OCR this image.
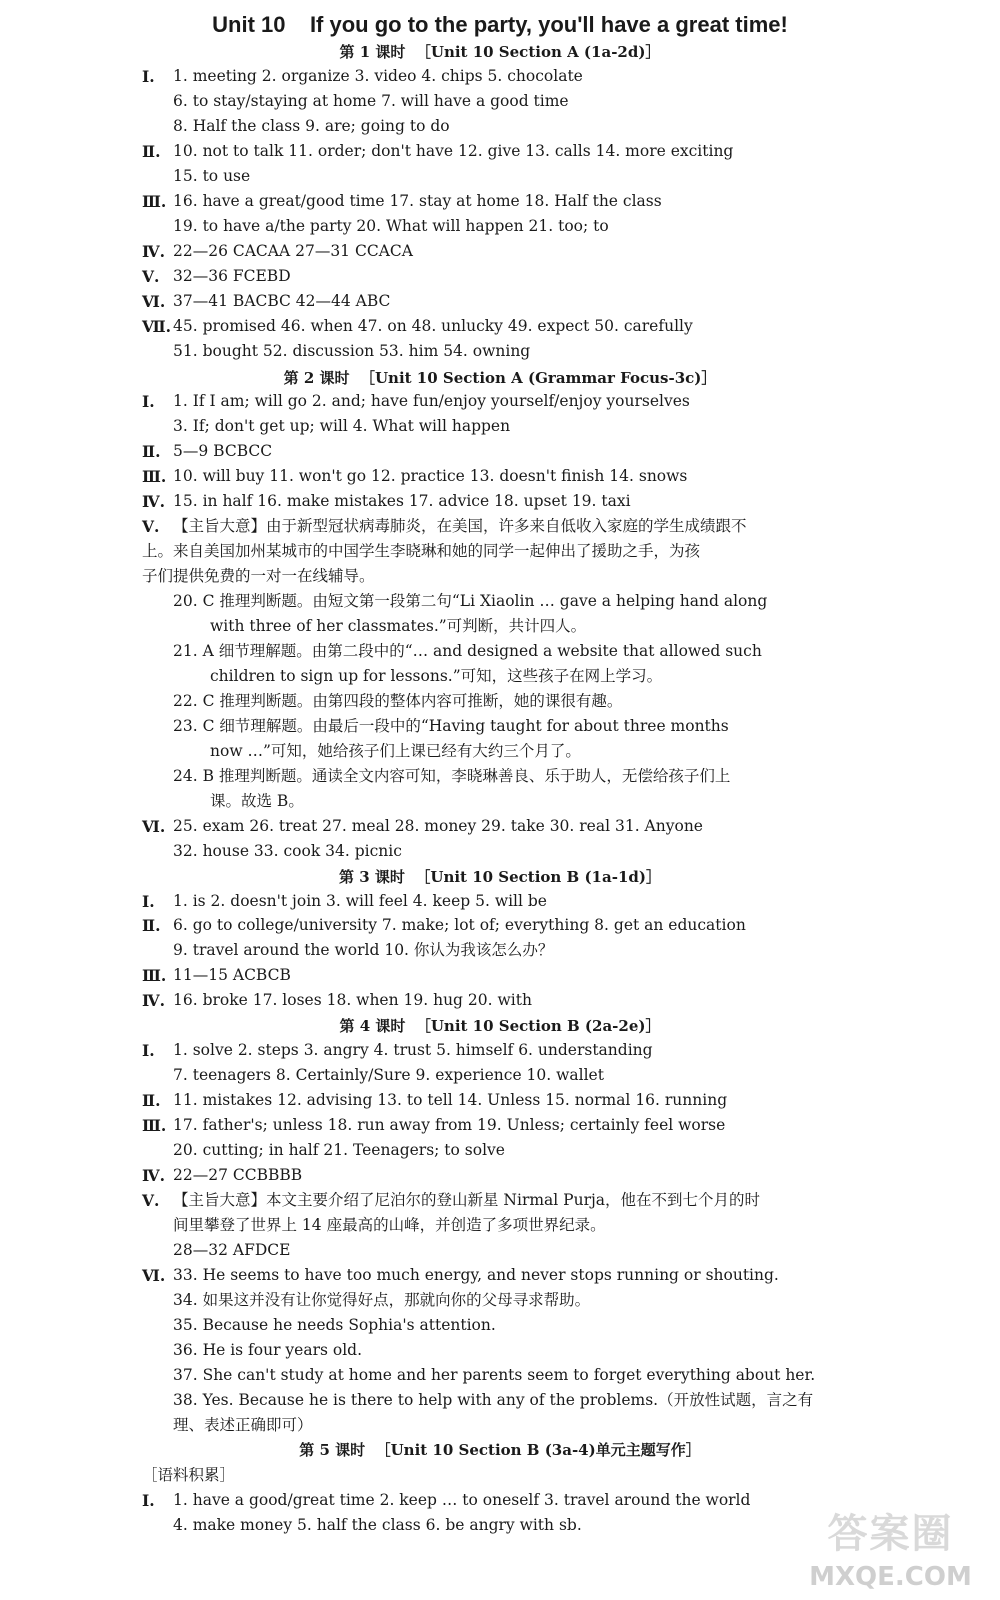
Unit 10    If you go to the party, you'll have a great time!
第 1 课时  ［Unit 10 Section A (1a-2d)］
第 2 课时  ［Unit 10 Section A (Grammar Focus-3c)］
第 3 课时  ［Unit 10 Section B (1a-1d)］
第 4 课时  ［Unit 10 Section B (2a-2e)］
第 5 课时  ［Unit 10 Section B (3a-4)单元主题写作］
Ⅰ. 1. meeting 2. organize 3. video 4. chips 5. chocolate
6. to stay/staying at home 7. will have a good time
8. Half the class 9. are; going to do
Ⅱ. 10. not to talk 11. order; don't have 12. give 13. calls 14. more exciting
15. to use
Ⅲ. 16. have a great/good time 17. stay at home 18. Half the class
19. to have a/the party 20. What will happen 21. too; to
Ⅳ. 22—26 CACAA 27—31 CCACA
Ⅴ. 32—36 FCEBD
Ⅵ. 37—41 BACBC 42—44 ABC
Ⅶ. 45. promised 46. when 47. on 48. unlucky 49. expect 50. carefully
51. bought 52. discussion 53. him 54. owning
Ⅰ. 1. If I am; will go 2. and; have fun/enjoy yourself/enjoy yourselves
3. If; don't get up; will 4. What will happen
Ⅱ. 5—9 BCBCC
Ⅲ. 10. will buy 11. won't go 12. practice 13. doesn't finish 14. snows
Ⅳ. 15. in half 16. make mistakes 17. advice 18. upset 19. taxi
Ⅴ. 【主旨大意】由于新型冠状病毒肺炎，在美国，许多来自低收入家庭的学生成绩跟不
上。来自美国加州某城市的中国学生李晓琳和她的同学一起伸出了援助之手，为孩
子们提供免费的一对一在线辅导。
20. C 推理判断题。由短文第一段第二句“Li Xiaolin … gave a helping hand along
with three of her classmates.”可判断，共计四人。
21. A 细节理解题。由第二段中的“… and designed a website that allowed such
children to sign up for lessons.”可知，这些孩子在网上学习。
22. C 推理判断题。由第四段的整体内容可推断，她的课很有趣。
23. C 细节理解题。由最后一段中的“Having taught for about three months
now …”可知，她给孩子们上课已经有大约三个月了。
24. B 推理判断题。通读全文内容可知，李晓琳善良、乐于助人，无偿给孩子们上
课。故选 B。
Ⅵ. 25. exam 26. treat 27. meal 28. money 29. take 30. real 31. Anyone
32. house 33. cook 34. picnic
Ⅰ. 1. is 2. doesn't join 3. will feel 4. keep 5. will be
Ⅱ. 6. go to college/university 7. make; lot of; everything 8. get an education
9. travel around the world 10. 你认为我该怎么办？
Ⅲ. 11—15 ACBCB
Ⅳ. 16. broke 17. loses 18. when 19. hug 20. with
Ⅰ. 1. solve 2. steps 3. angry 4. trust 5. himself 6. understanding
7. teenagers 8. Certainly/Sure 9. experience 10. wallet
Ⅱ. 11. mistakes 12. advising 13. to tell 14. Unless 15. normal 16. running
Ⅲ. 17. father's; unless 18. run away from 19. Unless; certainly feel worse
20. cutting; in half 21. Teenagers; to solve
Ⅳ. 22—27 CCBBBB
Ⅴ. 【主旨大意】本文主要介绍了尼泊尔的登山新星 Nirmal Purja，他在不到七个月的时
间里攀登了世界上 14 座最高的山峰，并创造了多项世界纪录。
28—32 AFDCE
Ⅵ. 33. He seems to have too much energy, and never stops running or shouting.
34. 如果这并没有让你觉得好点，那就向你的父母寻求帮助。
35. Because he needs Sophia's attention.
36. He is four years old.
37. She can't study at home and her parents seem to forget everything about her.
38. Yes. Because he is there to help with any of the problems.（开放性试题，言之有
理、表述正确即可）
［语料积累］
Ⅰ. 1. have a good/great time 2. keep … to oneself 3. travel around the world
4. make money 5. half the class 6. be angry with sb.	答案圈
MXQE.COM
